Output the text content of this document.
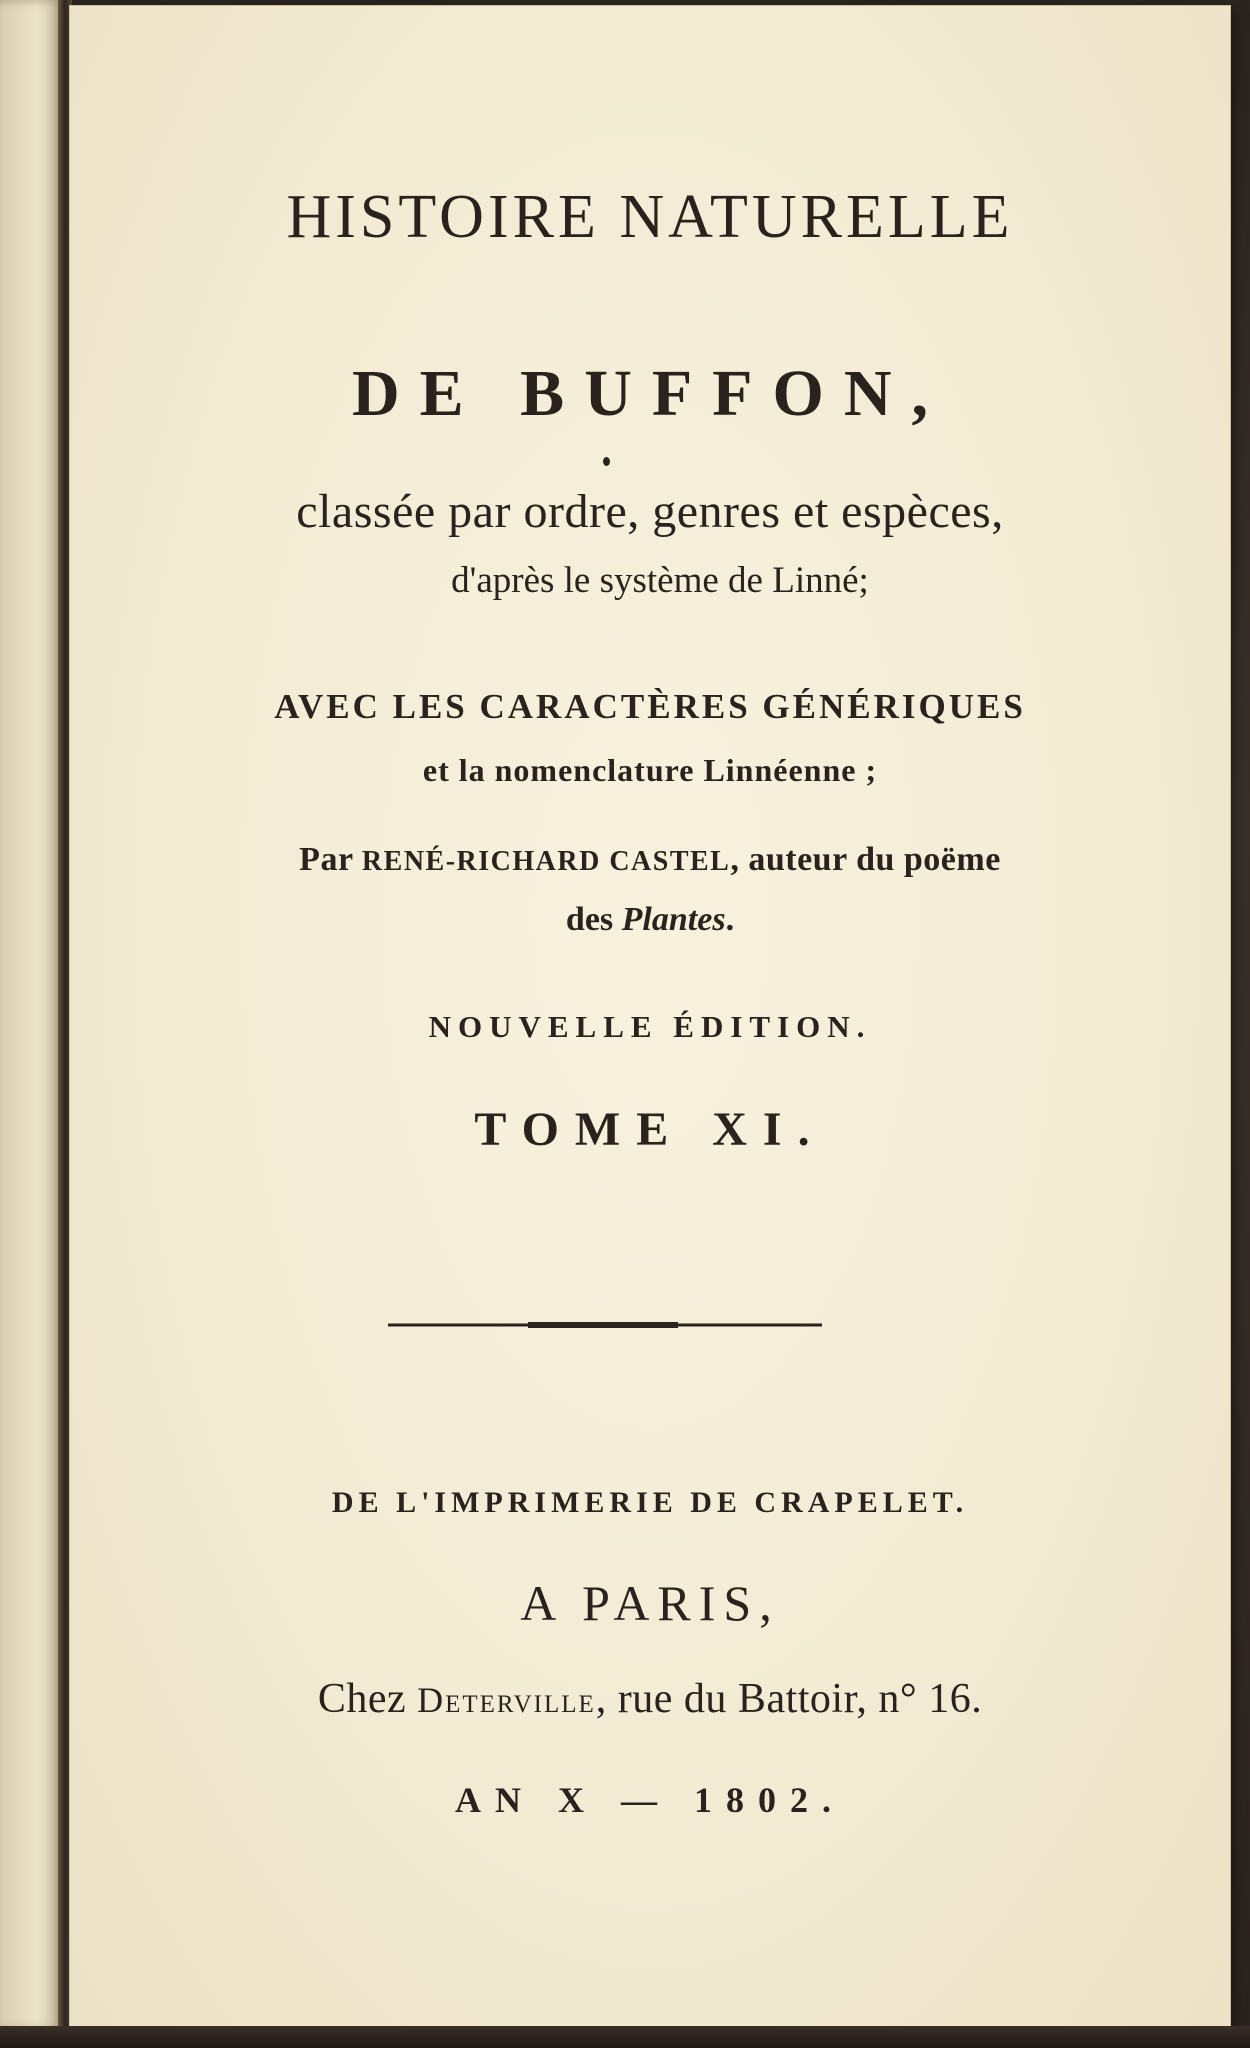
HISTOIRE NATURELLE
DE BUFFON,
classée par ordre, genres et espèces,
d'après le système de Linné;
AVEC LES CARACTÈRES GÉNÉRIQUES
et la nomenclature Linnéenne ;
Par RENÉ-RICHARD CASTEL, auteur du poëme
des Plantes.
NOUVELLE ÉDITION.
TOME XI.
DE L'IMPRIMERIE DE CRAPELET.
A PARIS,
Chez Deterville, rue du Battoir, n° 16.
AN X — 1802.
